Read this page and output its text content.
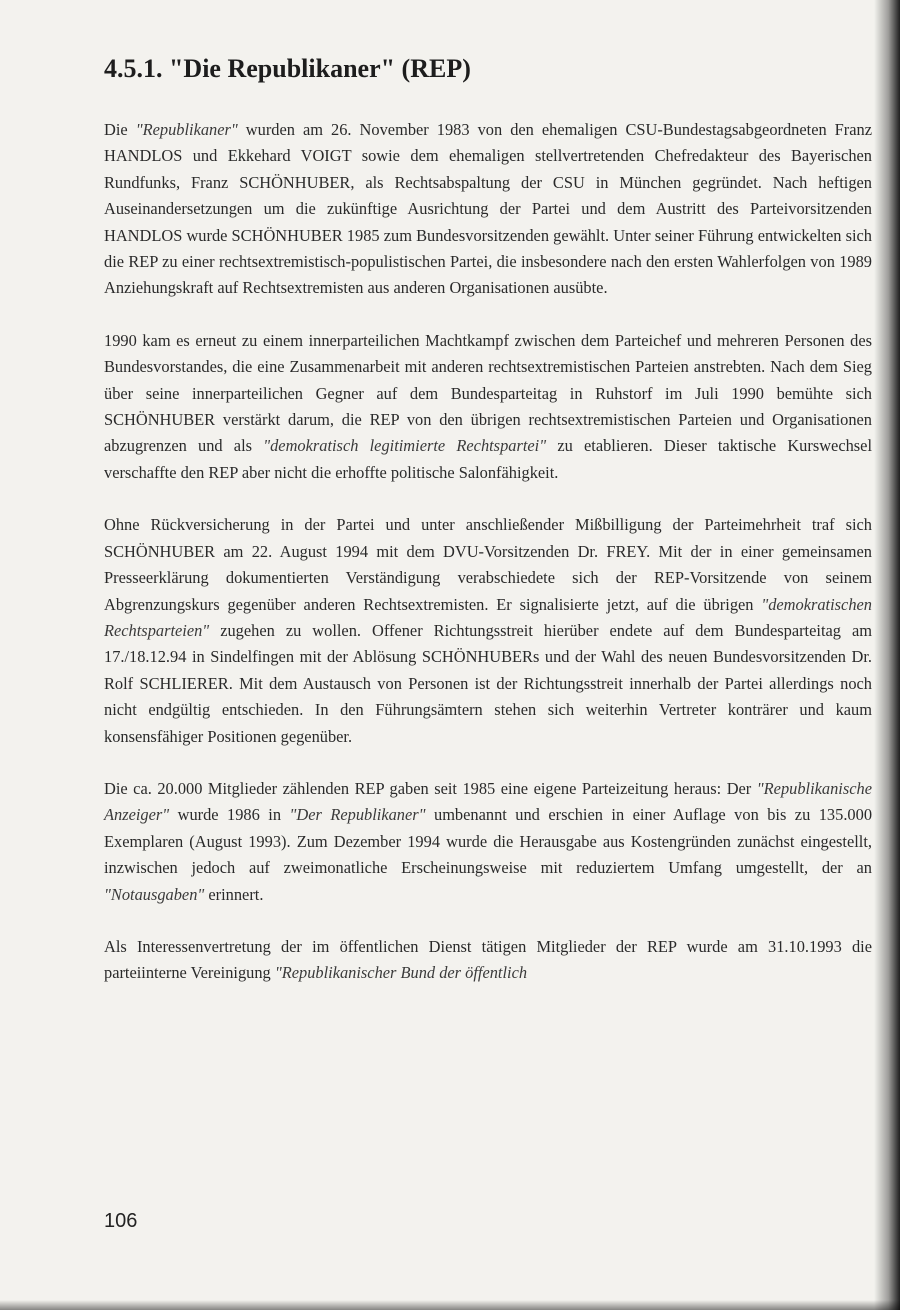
4.5.1. "Die Republikaner" (REP)

Die "Republikaner" wurden am 26. November 1983 von den ehemaligen CSU-Bundestagsabgeordneten Franz HANDLOS und Ekkehard VOIGT sowie dem ehemaligen stellvertretenden Chefredakteur des Bayerischen Rundfunks, Franz SCHÖNHUBER, als Rechtsabspaltung der CSU in München gegründet. Nach heftigen Auseinandersetzungen um die zukünftige Ausrichtung der Partei und dem Austritt des Parteivorsitzenden HANDLOS wurde SCHÖNHUBER 1985 zum Bundesvorsitzenden gewählt. Unter seiner Führung entwickelten sich die REP zu einer rechtsextremistisch-populistischen Partei, die insbesondere nach den ersten Wahlerfolgen von 1989 Anziehungskraft auf Rechtsextremisten aus anderen Organisationen ausübte.

1990 kam es erneut zu einem innerparteilichen Machtkampf zwischen dem Parteichef und mehreren Personen des Bundesvorstandes, die eine Zusammenarbeit mit anderen rechtsextremistischen Parteien anstrebten. Nach dem Sieg über seine innerparteilichen Gegner auf dem Bundesparteitag in Ruhstorf im Juli 1990 bemühte sich SCHÖNHUBER verstärkt darum, die REP von den übrigen rechtsextremistischen Parteien und Organisationen abzugrenzen und als "demokratisch legitimierte Rechtspartei" zu etablieren. Dieser taktische Kurswechsel verschaffte den REP aber nicht die erhoffte politische Salonfähigkeit.

Ohne Rückversicherung in der Partei und unter anschließender Mißbilligung der Parteimehrheit traf sich SCHÖNHUBER am 22. August 1994 mit dem DVU-Vorsitzenden Dr. FREY. Mit der in einer gemeinsamen Presseerklärung dokumentierten Verständigung verabschiedete sich der REP-Vorsitzende von seinem Abgrenzungskurs gegenüber anderen Rechtsextremisten. Er signalisierte jetzt, auf die übrigen "demokratischen Rechtsparteien" zugehen zu wollen. Offener Richtungsstreit hierüber endete auf dem Bundesparteitag am 17./18.12.94 in Sindelfingen mit der Ablösung SCHÖNHUBERs und der Wahl des neuen Bundesvorsitzenden Dr. Rolf SCHLIERER. Mit dem Austausch von Personen ist der Richtungsstreit innerhalb der Partei allerdings noch nicht endgültig entschieden. In den Führungsämtern stehen sich weiterhin Vertreter konträrer und kaum konsensfähiger Positionen gegenüber.

Die ca. 20.000 Mitglieder zählenden REP gaben seit 1985 eine eigene Parteizeitung heraus: Der "Republikanische Anzeiger" wurde 1986 in "Der Republikaner" umbenannt und erschien in einer Auflage von bis zu 135.000 Exemplaren (August 1993). Zum Dezember 1994 wurde die Herausgabe aus Kostengründen zunächst eingestellt, inzwischen jedoch auf zweimonatliche Erscheinungsweise mit reduziertem Umfang umgestellt, der an "Notausgaben" erinnert.

Als Interessenvertretung der im öffentlichen Dienst tätigen Mitglieder der REP wurde am 31.10.1993 die parteiinterne Vereinigung "Republikanischer Bund der öffentlich

106
